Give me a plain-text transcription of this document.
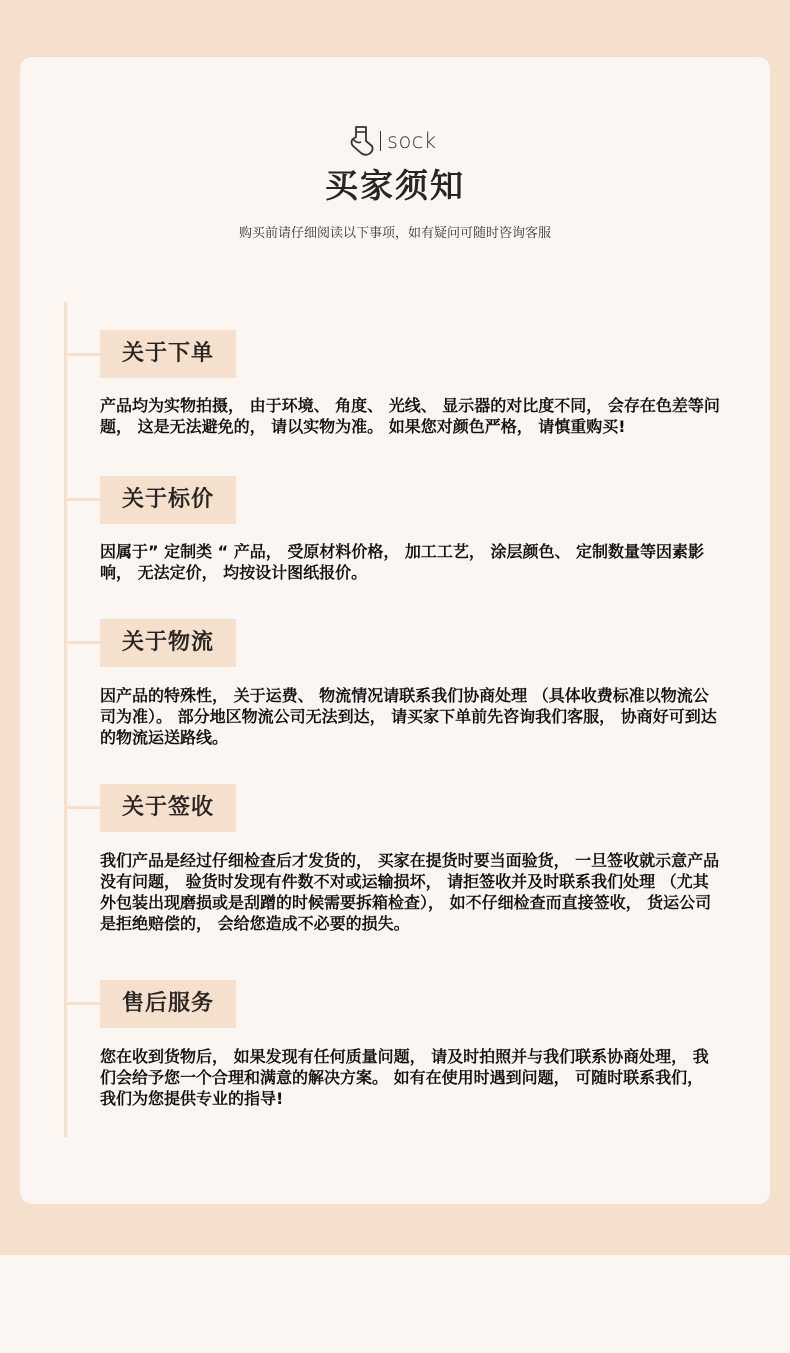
sock
买家须知
购买前请仔细阅读以下事项，如有疑问可随时咨询客服
关于下单
产品均为实物拍摄， 由于环境、 角度、 光线、 显示器的对比度不同， 会存在色差等问题， 这是无法避免的， 请以实物为准。 如果您对颜色严格， 请慎重购买!
关于标价
因属于” 定制类 “ 产品， 受原材料价格， 加工工艺， 涂层颜色、 定制数量等因素影响， 无法定价， 均按设计图纸报价。
关于物流
因产品的特殊性， 关于运费、 物流情况请联系我们协商处理 （具体收费标准以物流公司为准）。 部分地区物流公司无法到达， 请买家下单前先咨询我们客服， 协商好可到达的物流运送路线。
关于签收
我们产品是经过仔细检查后才发货的， 买家在提货时要当面验货， 一旦签收就示意产品没有问题， 验货时发现有件数不对或运输损坏， 请拒签收并及时联系我们处理 （尤其外包装出现磨损或是刮蹭的时候需要拆箱检查）， 如不仔细检查而直接签收， 货运公司是拒绝赔偿的， 会给您造成不必要的损失。
售后服务
您在收到货物后， 如果发现有任何质量问题， 请及时拍照并与我们联系协商处理， 我们会给予您一个合理和满意的解决方案。 如有在使用时遇到问题， 可随时联系我们， 我们为您提供专业的指导!
